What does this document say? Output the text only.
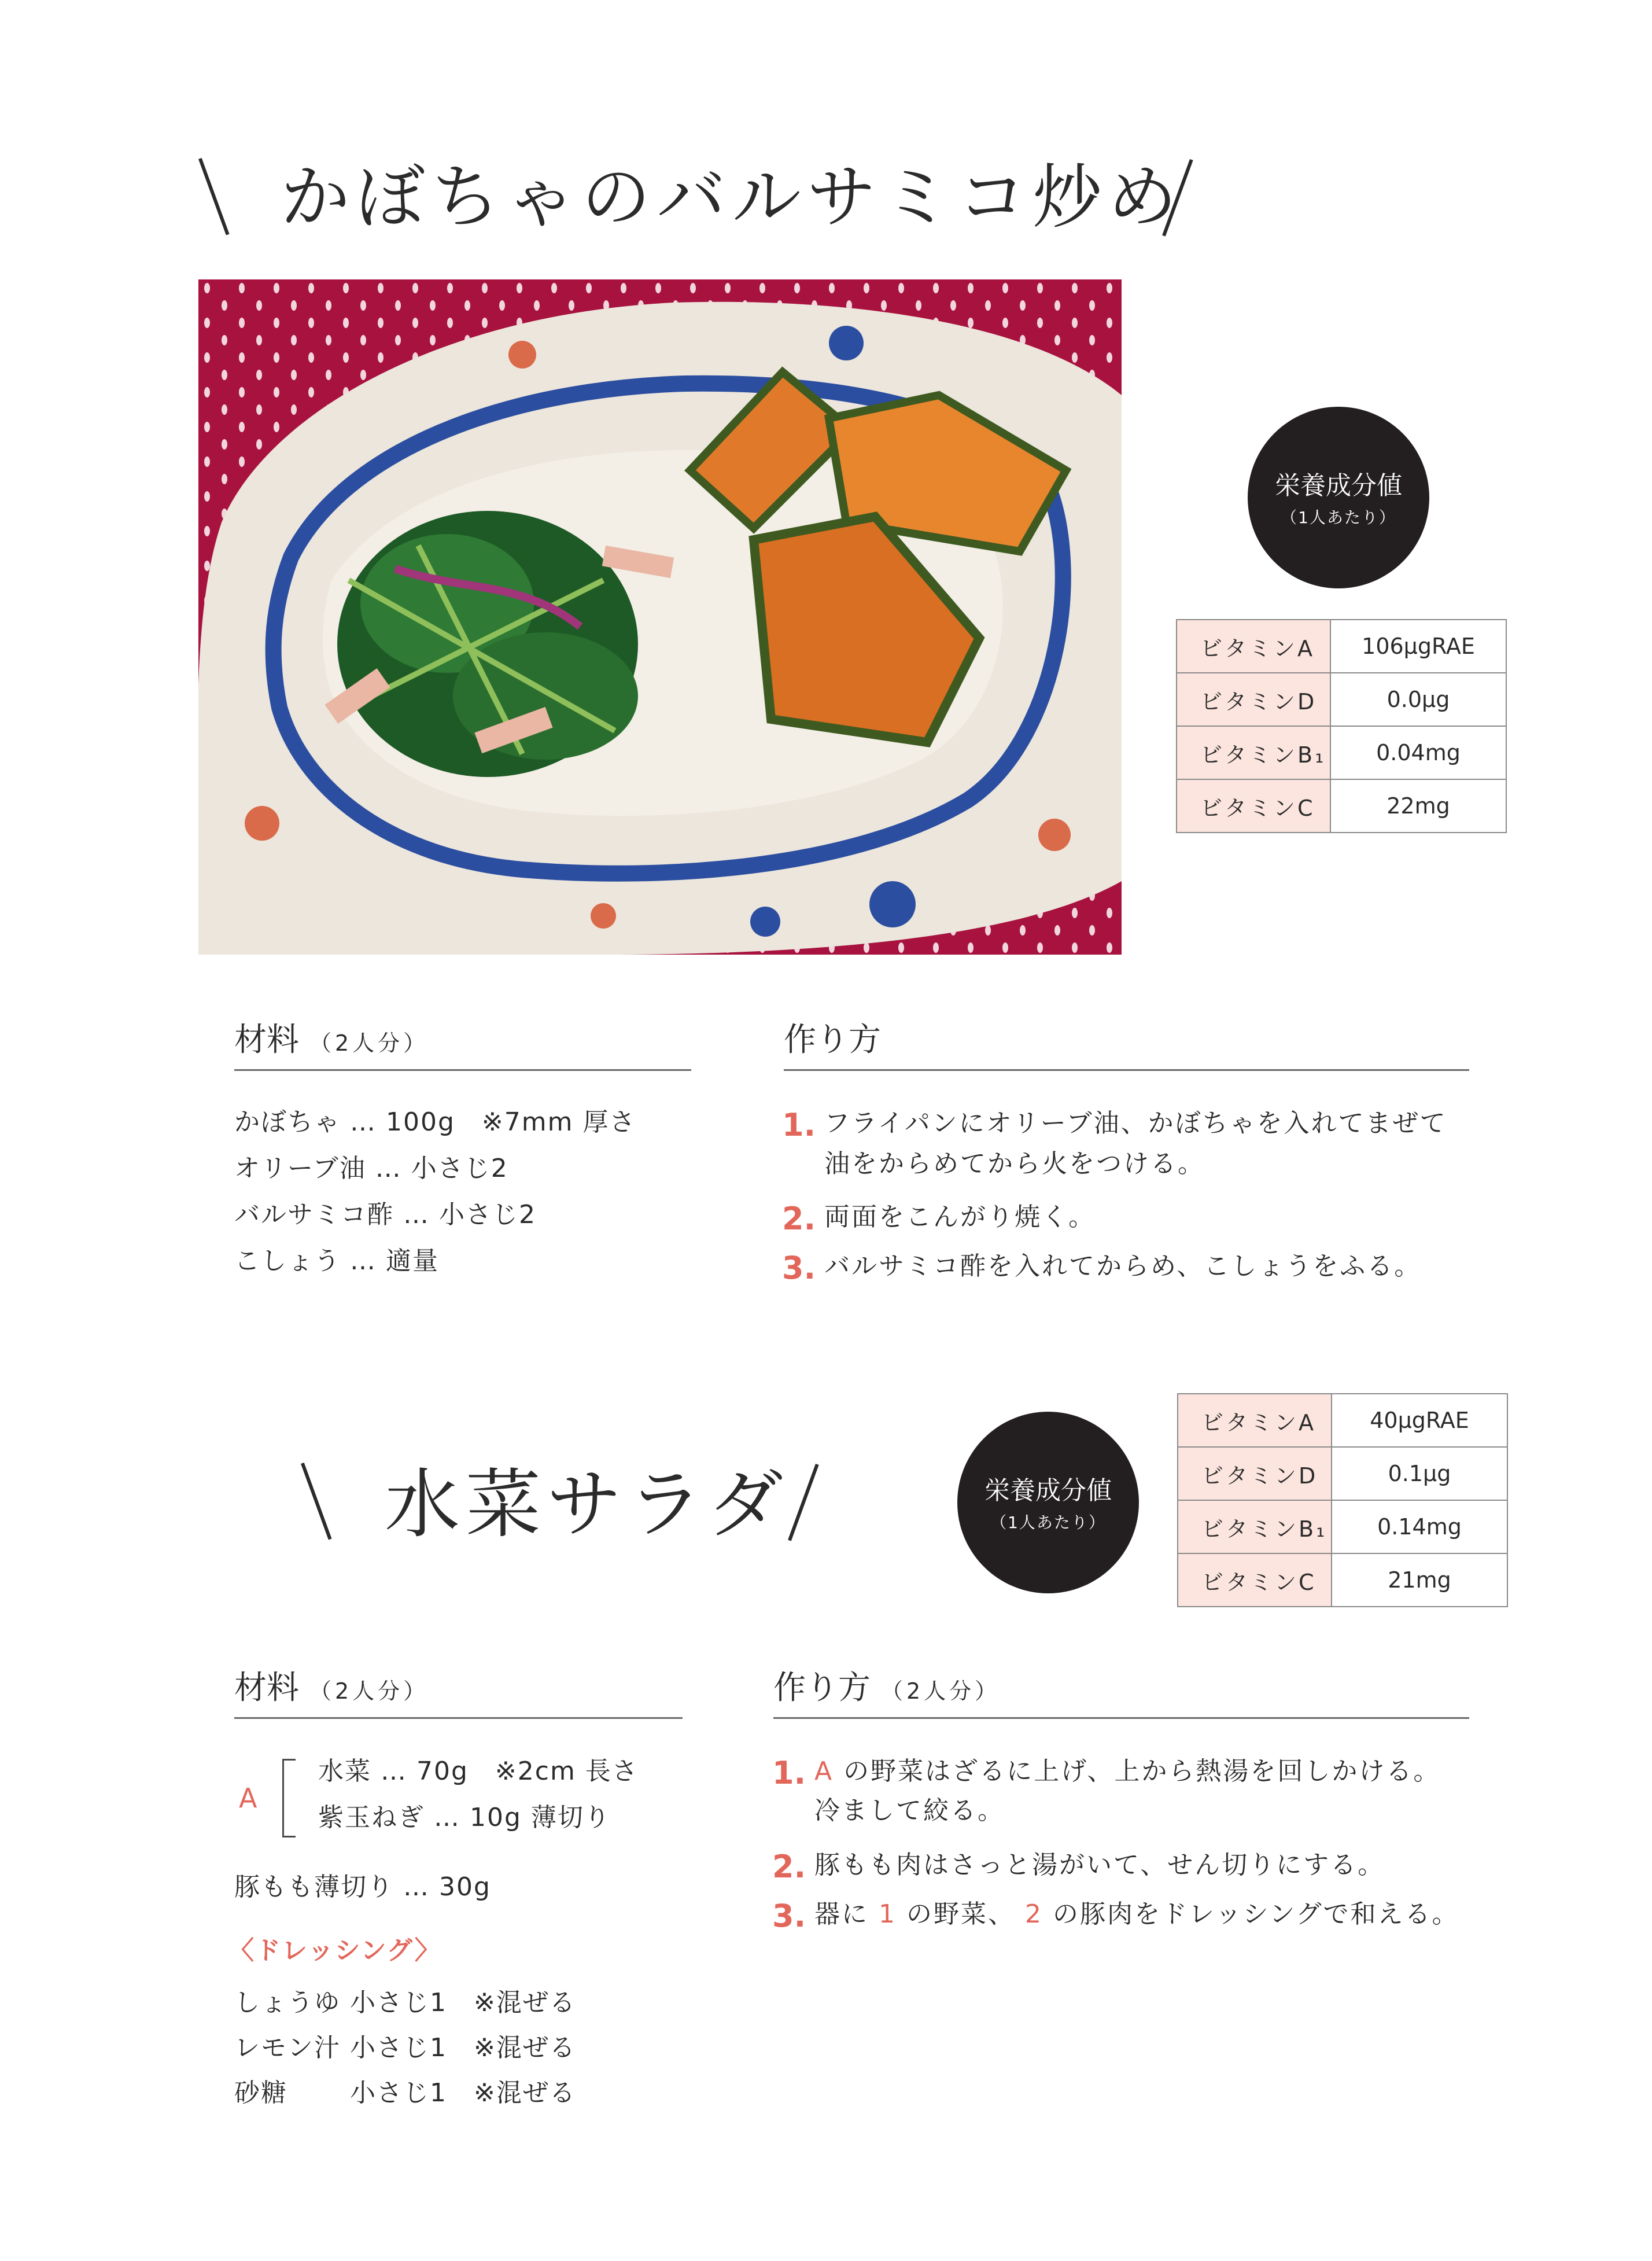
かぼちゃのバルサミコ炒め
栄養成分値
（1人あたり）
ビタミンA	106µgRAE
ビタミンD	0.0µg
ビタミンB₁	0.04mg
ビタミンC	22mg
材料 （2人分）
かぼちゃ … 100g　※7mm 厚さ
オリーブ油 … 小さじ2
バルサミコ酢 … 小さじ2
こしょう … 適量
作り方
1. フライパンにオリーブ油、かぼちゃを入れてまぜて
油をからめてから火をつける。
2. 両面をこんがり焼く。
3. バルサミコ酢を入れてからめ、こしょうをふる。
水菜サラダ	栄養成分値
（1人あたり）
ビタミンA	40µgRAE
ビタミンD	0.1µg
ビタミンB₁	0.14mg
ビタミンC	21mg
材料 （2人分）
A
水菜 … 70g　※2cm 長さ
紫玉ねぎ … 10g 薄切り
豚もも薄切り … 30g
〈ドレッシング〉
しょうゆ 小さじ1　※混ぜる
レモン汁 小さじ1　※混ぜる
砂糖　　 小さじ1　※混ぜる
作り方 （2人分）
1. A の野菜はざるに上げ、上から熱湯を回しかける。
冷まして絞る。
2. 豚もも肉はさっと湯がいて、せん切りにする。
3. 器に 1 の野菜、 2 の豚肉をドレッシングで和える。
